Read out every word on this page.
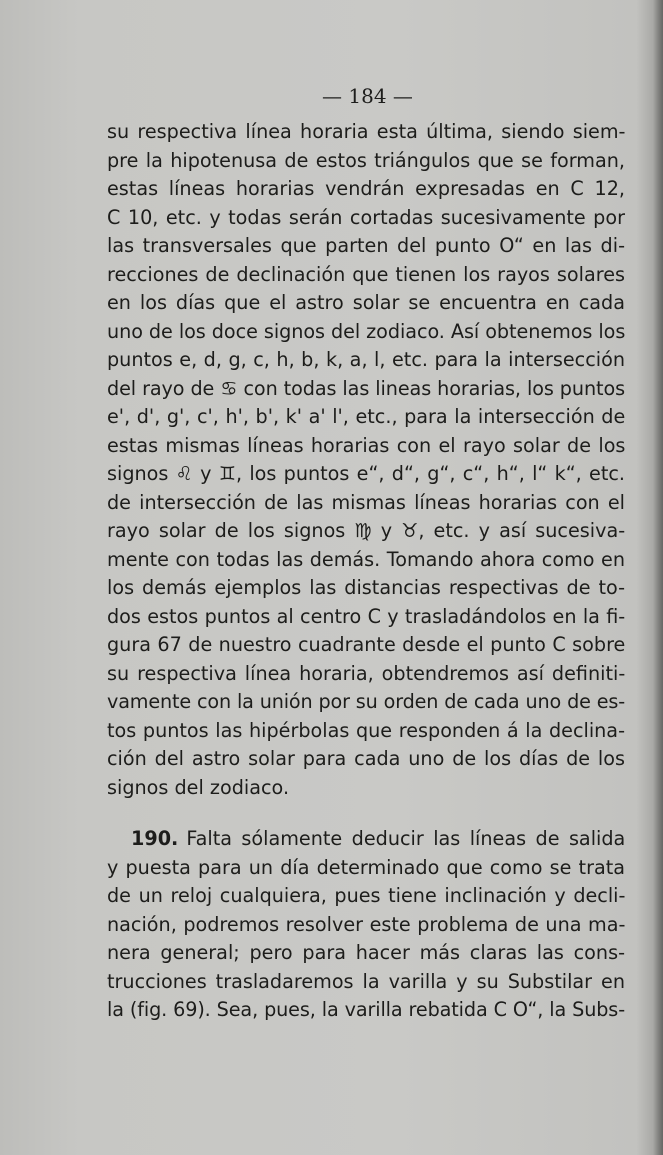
— 184 —
su respectiva línea horaria esta última, siendo siem-
pre la hipotenusa de estos triángulos que se forman,
estas líneas horarias vendrán expresadas en C 12,
C 10, etc. y todas serán cortadas sucesivamente por
las transversales que parten del punto O“ en las di-
recciones de declinación que tienen los rayos solares
en los días que el astro solar se encuentra en cada
uno de los doce signos del zodiaco. Así obtenemos los
puntos e, d, g, c, h, b, k, a, l, etc. para la intersección
del rayo de ♋ con todas las lineas horarias, los puntos
e', d', g', c', h', b', k' a' l', etc., para la intersección de
estas mismas líneas horarias con el rayo solar de los
signos ♌ y ♊, los puntos e“, d“, g“, c“, h“, l“ k“, etc.
de intersección de las mismas líneas horarias con el
rayo solar de los signos ♍ y ♉, etc. y así sucesiva-
mente con todas las demás. Tomando ahora como en
los demás ejemplos las distancias respectivas de to-
dos estos puntos al centro C y trasladándolos en la fi-
gura 67 de nuestro cuadrante desde el punto C sobre
su respectiva línea horaria, obtendremos así definiti-
vamente con la unión por su orden de cada uno de es-
tos puntos las hipérbolas que responden á la declina-
ción del astro solar para cada uno de los días de los
signos del zodiaco.
190. Falta sólamente deducir las líneas de salida
y puesta para un día determinado que como se trata
de un reloj cualquiera, pues tiene inclinación y decli-
nación, podremos resolver este problema de una ma-
nera general; pero para hacer más claras las cons-
trucciones trasladaremos la varilla y su Substilar en
la (fig. 69). Sea, pues, la varilla rebatida C O“, la Subs-
